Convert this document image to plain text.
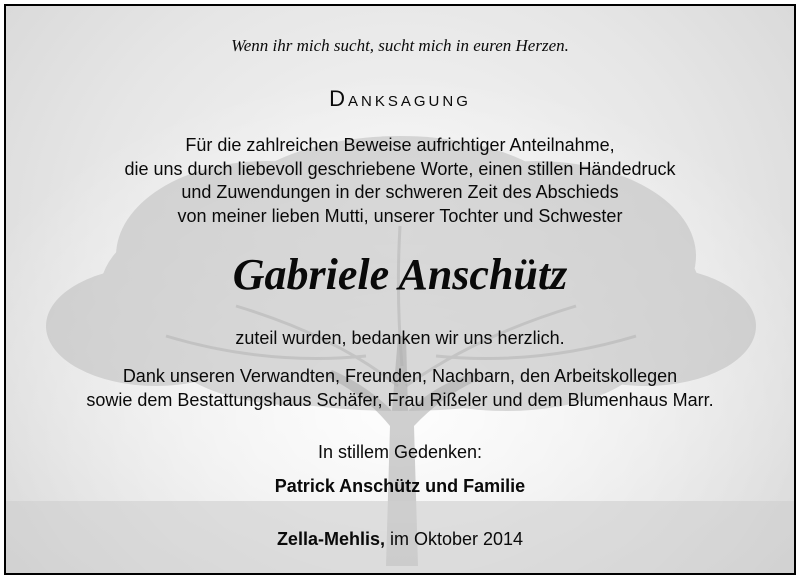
Wenn ihr mich sucht, sucht mich in euren Herzen.
Danksagung
Für die zahlreichen Beweise aufrichtiger Anteilnahme,
die uns durch liebevoll geschriebene Worte, einen stillen Händedruck
und Zuwendungen in der schweren Zeit des Abschieds
von meiner lieben Mutti, unserer Tochter und Schwester
Gabriele Anschütz
zuteil wurden, bedanken wir uns herzlich.
Dank unseren Verwandten, Freunden, Nachbarn, den Arbeitskollegen
sowie dem Bestattungshaus Schäfer, Frau Rißeler und dem Blumenhaus Marr.
In stillem Gedenken:
Patrick Anschütz und Familie
Zella-Mehlis, im Oktober 2014
